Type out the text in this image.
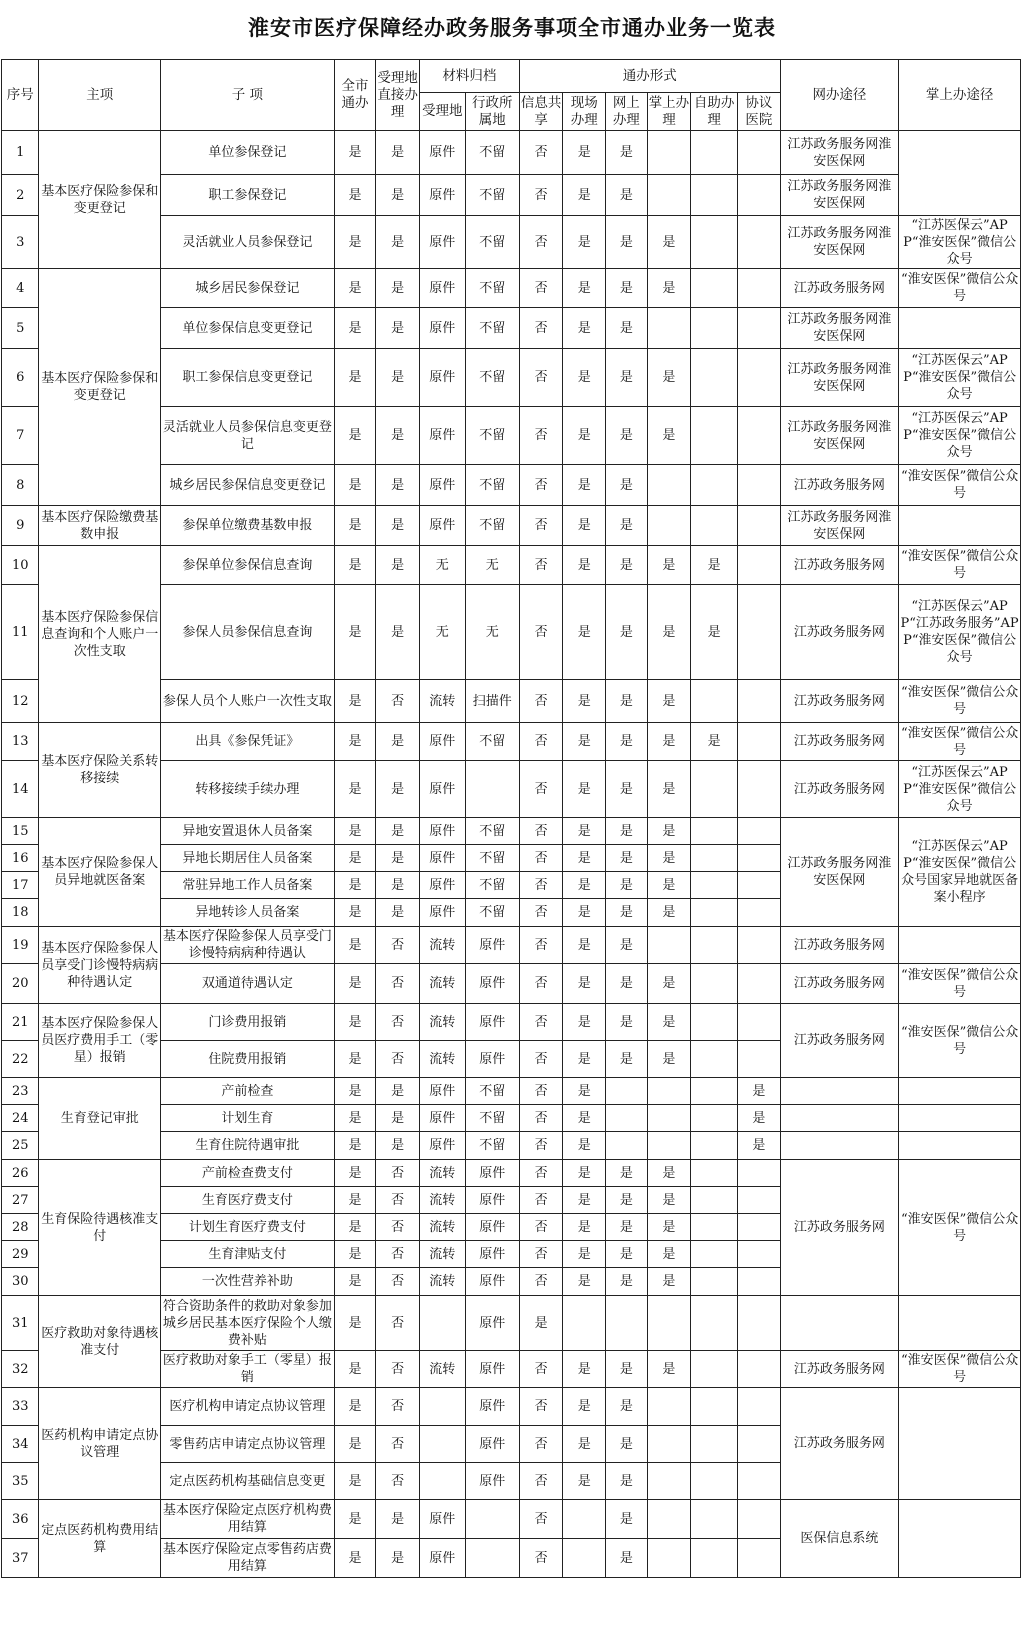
淮安市医疗保障经办政务服务事项全市通办业务一览表
序号	主项	子 项	全市通办	受理地直接办理	材料归档		通办形式						网办途径	掌上办途径
					受理地	行政所属地	信息共享	现场办理	网上办理	掌上办理	自助办理	协议医院		
1	基本医疗保险参保和变更登记	单位参保登记	是	是	原件	不留	否	是	是				江苏政务服务网淮安医保网	
2		职工参保登记	是	是	原件	不留	否	是	是				江苏政务服务网淮安医保网	
3		灵活就业人员参保登记	是	是	原件	不留	否	是	是	是			江苏政务服务网淮安医保网	“江苏医保云”APP“淮安医保”微信公众号
4	基本医疗保险参保和变更登记	城乡居民参保登记	是	是	原件	不留	否	是	是	是			江苏政务服务网	“淮安医保”微信公众号
5		单位参保信息变更登记	是	是	原件	不留	否	是	是				江苏政务服务网淮安医保网	
6		职工参保信息变更登记	是	是	原件	不留	否	是	是	是			江苏政务服务网淮安医保网	“江苏医保云”APP“淮安医保”微信公众号
7		灵活就业人员参保信息变更登记	是	是	原件	不留	否	是	是	是			江苏政务服务网淮安医保网	“江苏医保云”APP“淮安医保”微信公众号
8		城乡居民参保信息变更登记	是	是	原件	不留	否	是	是				江苏政务服务网	“淮安医保”微信公众号
9	基本医疗保险缴费基数申报	参保单位缴费基数申报	是	是	原件	不留	否	是	是				江苏政务服务网淮安医保网	
10	基本医疗保险参保信息查询和个人账户一次性支取	参保单位参保信息查询	是	是	无	无	否	是	是	是	是		江苏政务服务网	“淮安医保”微信公众号
11		参保人员参保信息查询	是	是	无	无	否	是	是	是	是		江苏政务服务网	“江苏医保云”APP“江苏政务服务”APP“淮安医保”微信公众号
12		参保人员个人账户一次性支取	是	否	流转	扫描件	否	是	是	是			江苏政务服务网	“淮安医保”微信公众号
13	基本医疗保险关系转移接续	出具《参保凭证》	是	是	原件	不留	否	是	是	是	是		江苏政务服务网	“淮安医保”微信公众号
14		转移接续手续办理	是	是	原件		否	是	是	是			江苏政务服务网	“江苏医保云”APP“淮安医保”微信公众号
15	基本医疗保险参保人员异地就医备案	异地安置退休人员备案	是	是	原件	不留	否	是	是	是			江苏政务服务网淮安医保网	“江苏医保云”APP“淮安医保”微信公众号国家异地就医备案小程序
16		异地长期居住人员备案	是	是	原件	不留	否	是	是	是				
17		常驻异地工作人员备案	是	是	原件	不留	否	是	是	是				
18		异地转诊人员备案	是	是	原件	不留	否	是	是	是				
19	基本医疗保险参保人员享受门诊慢特病病种待遇认定	基本医疗保险参保人员享受门诊慢特病病种待遇认	是	否	流转	原件	否	是	是				江苏政务服务网	
20		双通道待遇认定	是	否	流转	原件	否	是	是	是			江苏政务服务网	“淮安医保”微信公众号
21	基本医疗保险参保人员医疗费用手工（零星）报销	门诊费用报销	是	否	流转	原件	否	是	是	是			江苏政务服务网	“淮安医保”微信公众号
22		住院费用报销	是	否	流转	原件	否	是	是	是				
23	生育登记审批	产前检查	是	是	原件	不留	否	是				是		
24		计划生育	是	是	原件	不留	否	是				是		
25		生育住院待遇审批	是	是	原件	不留	否	是				是		
26	生育保险待遇核准支付	产前检查费支付	是	否	流转	原件	否	是	是	是			江苏政务服务网	“淮安医保”微信公众号
27		生育医疗费支付	是	否	流转	原件	否	是	是	是				
28		计划生育医疗费支付	是	否	流转	原件	否	是	是	是				
29		生育津贴支付	是	否	流转	原件	否	是	是	是				
30		一次性营养补助	是	否	流转	原件	否	是	是	是				
31	医疗救助对象待遇核准支付	符合资助条件的救助对象参加城乡居民基本医疗保险个人缴费补贴	是	否		原件	是							
32		医疗救助对象手工（零星）报销	是	否	流转	原件	否	是	是	是			江苏政务服务网	“淮安医保”微信公众号
33	医药机构申请定点协议管理	医疗机构申请定点协议管理	是	否		原件	否	是	是				江苏政务服务网	
34		零售药店申请定点协议管理	是	否		原件	否	是	是					
35		定点医药机构基础信息变更	是	否		原件	否	是	是					
36	定点医药机构费用结算	基本医疗保险定点医疗机构费用结算	是	是	原件		否		是				医保信息系统	
37		基本医疗保险定点零售药店费用结算	是	是	原件		否		是					
